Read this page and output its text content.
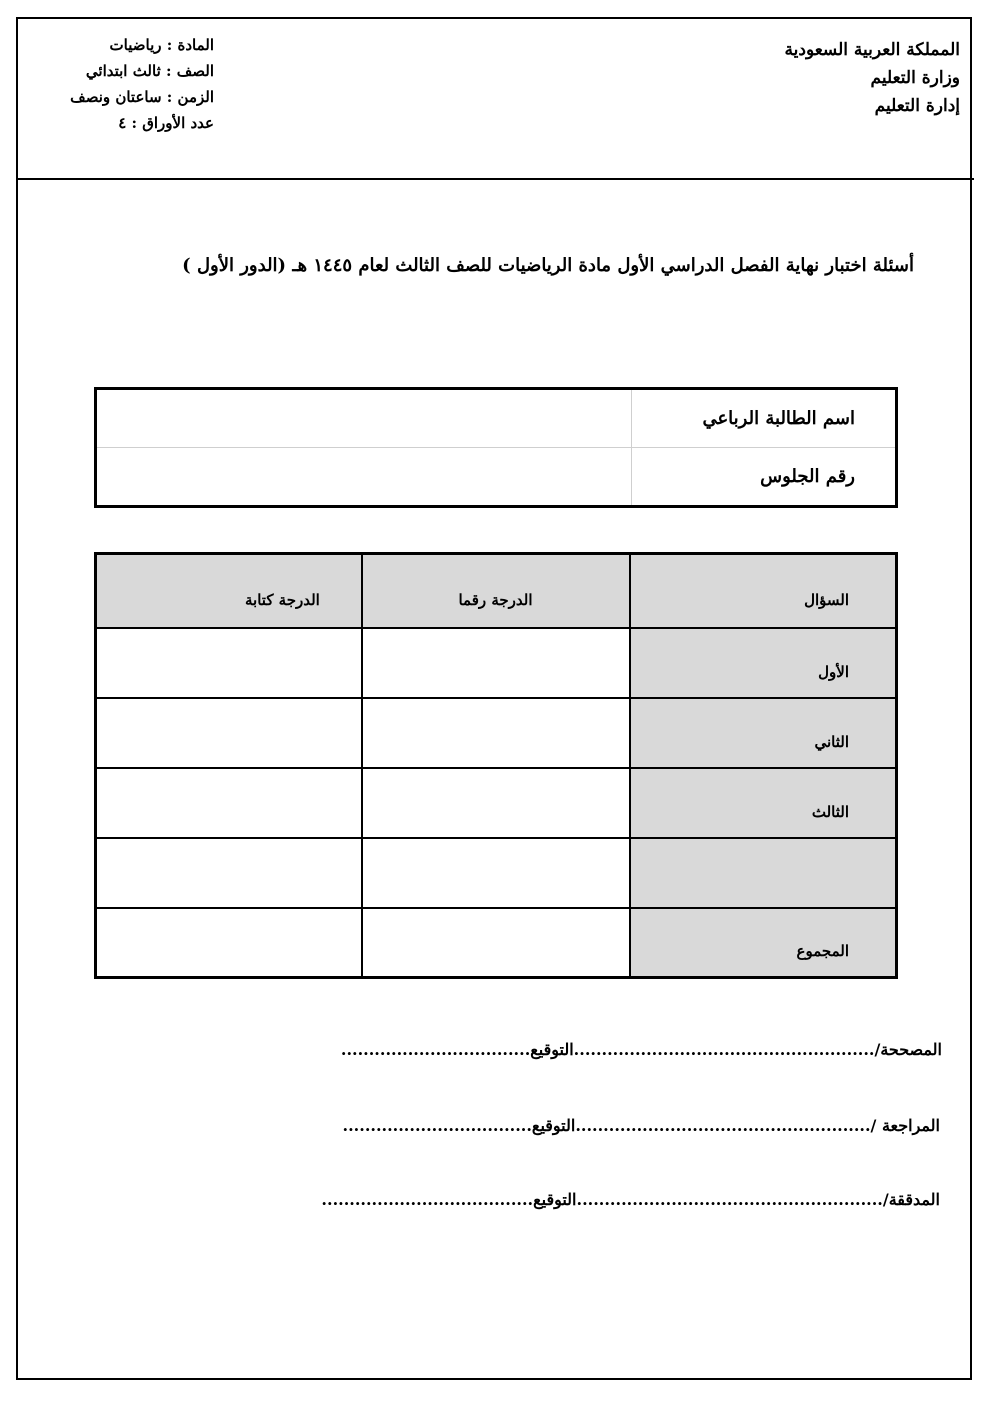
المملكة العربية السعودية
وزارة التعليم
إدارة التعليم
المادة : رياضيات
الصف : ثالث ابتدائي
الزمن : ساعتان ونصف
عدد الأوراق : ٤
أسئلة اختبار نهاية الفصل الدراسي الأول مادة الرياضيات للصف الثالث لعام ١٤٤٥ هـ (الدور الأول )
اسم الطالبة الرباعي	
رقم الجلوس	
السؤال	الدرجة رقما	الدرجة كتابة
الأول		
الثاني		
الثالث		

المجموع		
المصححة/......................................................التوقيع..................................
المراجعة /.....................................................التوقيع..................................
المدققة/.......................................................التوقيع......................................
